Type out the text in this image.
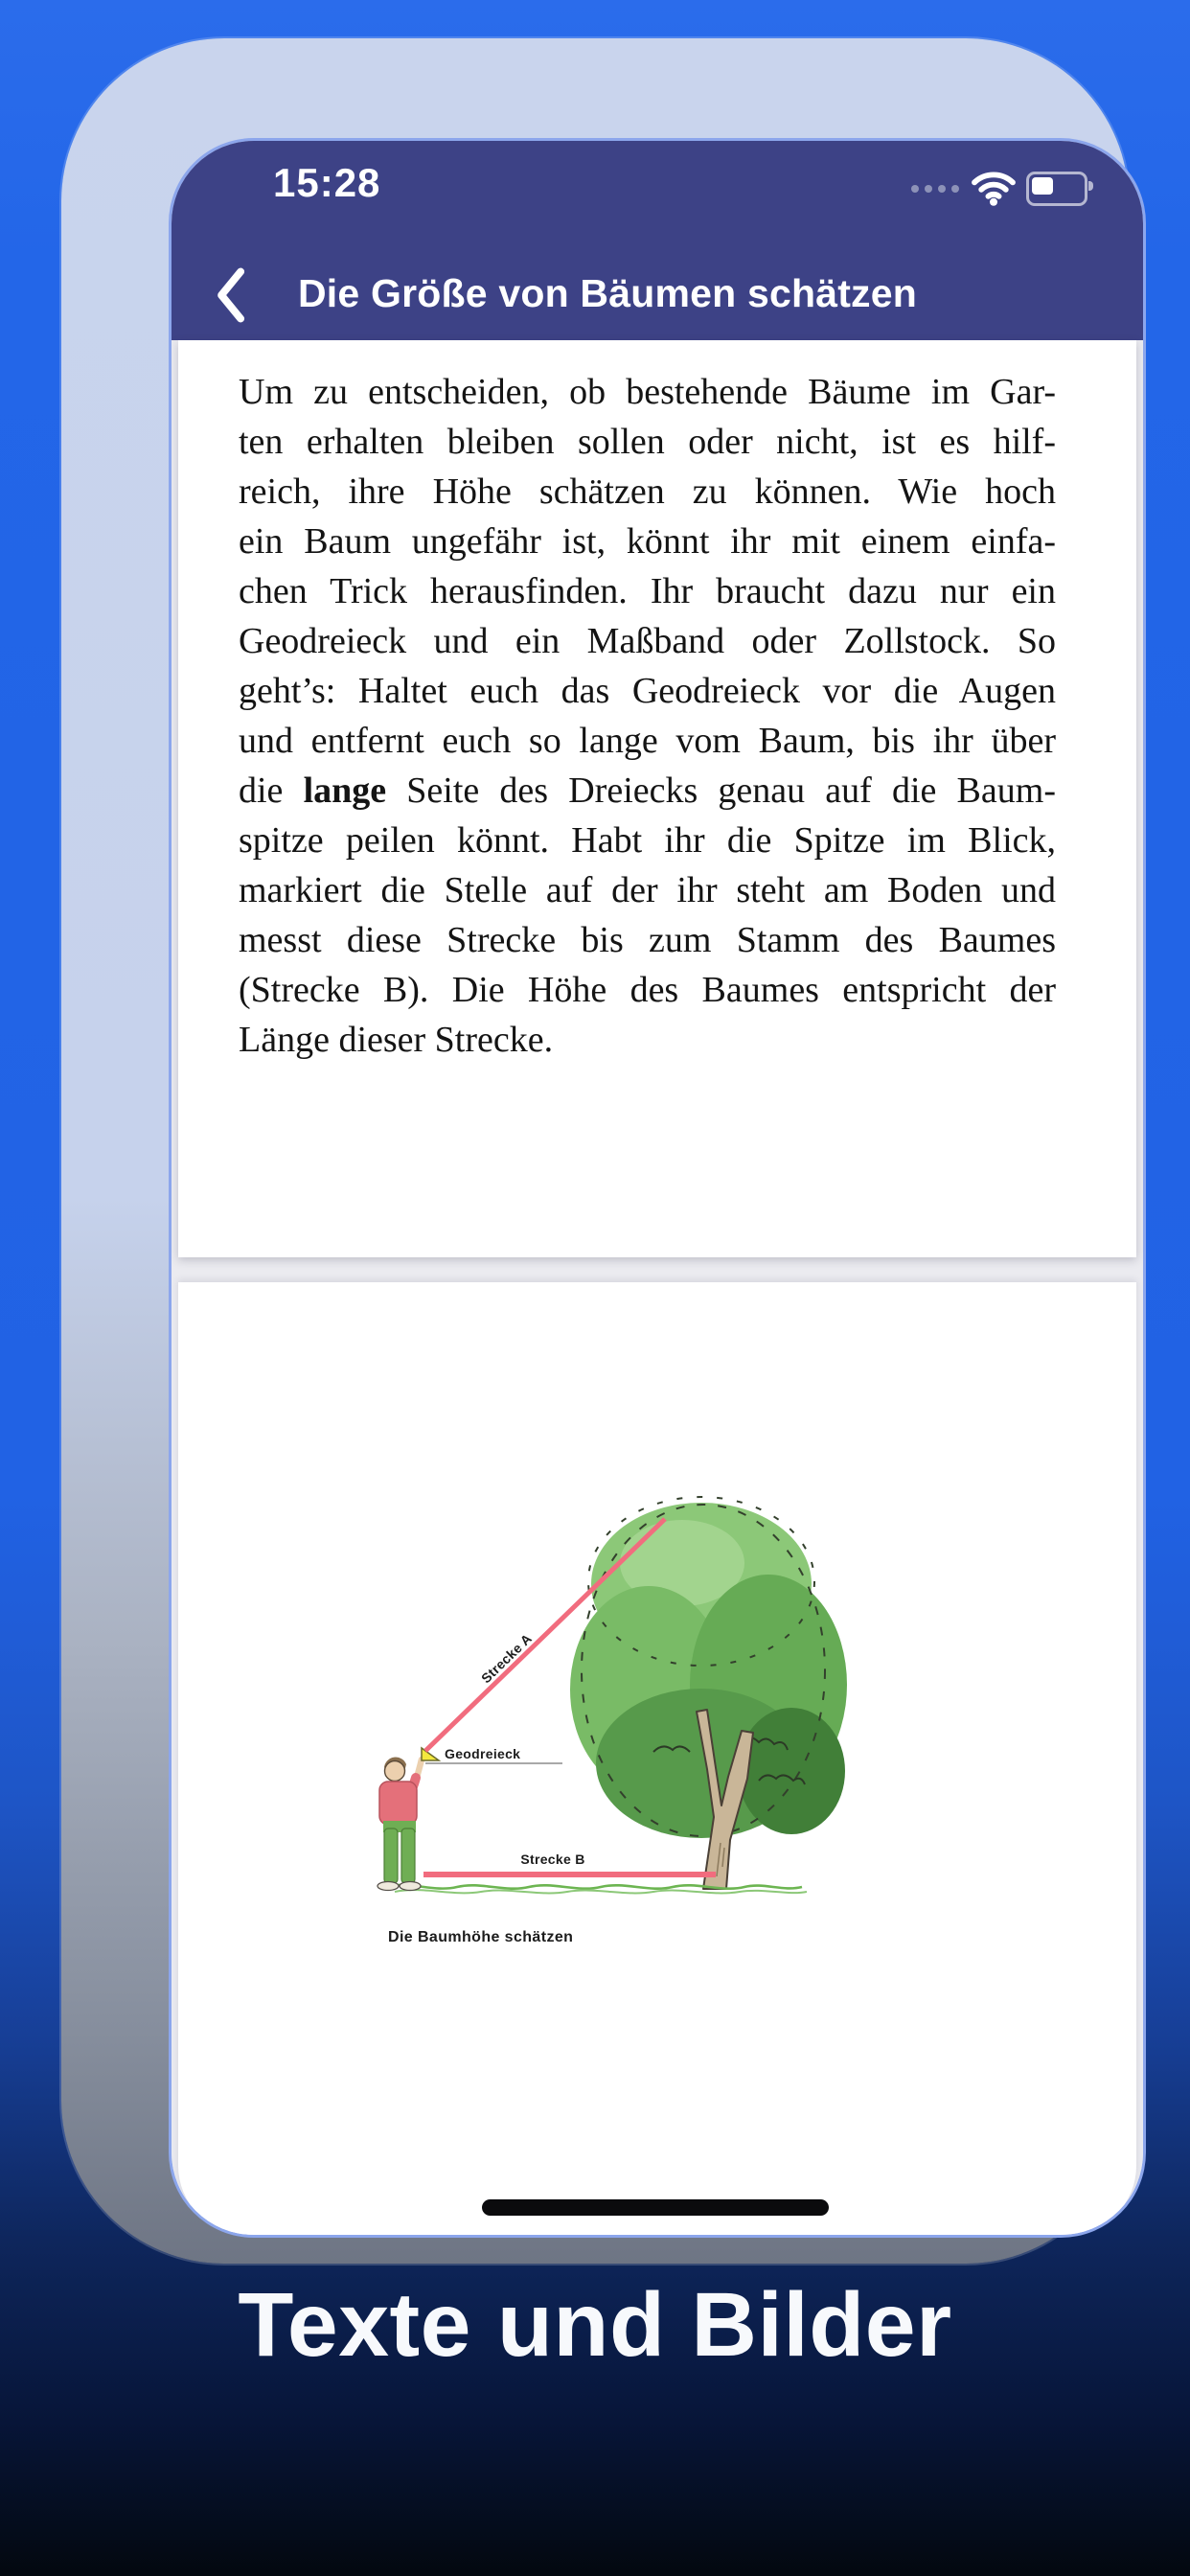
15:28
Die Größe von Bäumen schätzen
Um zu entscheiden, ob bestehende Bäume im Gar-
ten erhalten bleiben sollen oder nicht, ist es hilf-
reich, ihre Höhe schätzen zu können. Wie hoch
ein Baum ungefähr ist, könnt ihr mit einem einfa-
chen Trick herausfinden. Ihr braucht dazu nur ein
Geodreieck und ein Maßband oder Zollstock. So
geht’s: Haltet euch das Geodreieck vor die Augen
und entfernt euch so lange vom Baum, bis ihr über
die lange Seite des Dreiecks genau auf die Baum-
spitze peilen könnt. Habt ihr die Spitze im Blick,
markiert die Stelle auf der ihr steht am Boden und
messt diese Strecke bis zum Stamm des Baumes
(Strecke B). Die Höhe des Baumes entspricht der
Länge dieser Strecke.
Strecke A
Geodreieck
Strecke B
Die Baumhöhe schätzen
Texte und Bilder
